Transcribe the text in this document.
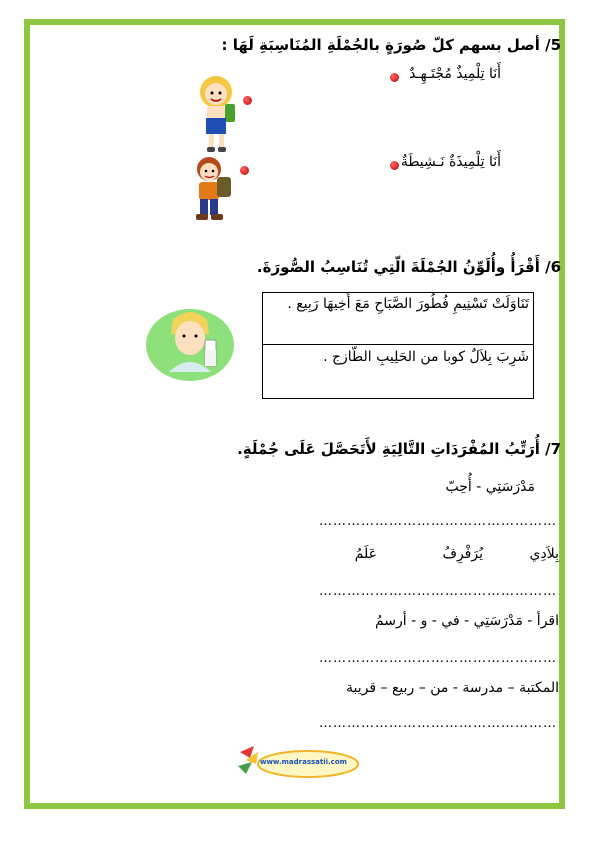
5/ أصل بسهم كلّ صُورَةٍ بالجُمْلَةِ المُنَاسِبَةِ لَهَا :
أَنَا تِلْمِيذٌ مُجْتَـهِـدٌ
أَنَا تِلْمِيذَةٌ نَـشِيطَةٌ
6/ أَقْرَأُ وأُلَوِّنُ الجُمْلَةَ الّتِي تُنَاسِبُ الصُّورَةَ.
تَنَاوَلَتْ تَسْنِيمِ فُطُورَ الصَّبَاحِ مَعَ أَخِيهَا رَبِيع .
شَرِبَ بِلاَلٌ كوبا من الحَلِيبِ الطّازج .
7/ أُرَتِّبُ المُفْرَدَاتِ التَّالِيَةِ لأَتَحَصَّلَ عَلَى جُمْلَةٍ.
مَدْرَسَتِي - أُحِبّ
……………………………………………
بِلاَدِي
يُرَفْرِفُ
عَلَمُ
……………………………………………
اقرأ - مَدْرَسَتِي - في - و - أرسمُ
……………………………………………
المكتبة – مدرسة - من – ربيع – قريبة
……………………………………………
www.madrassatii.com
